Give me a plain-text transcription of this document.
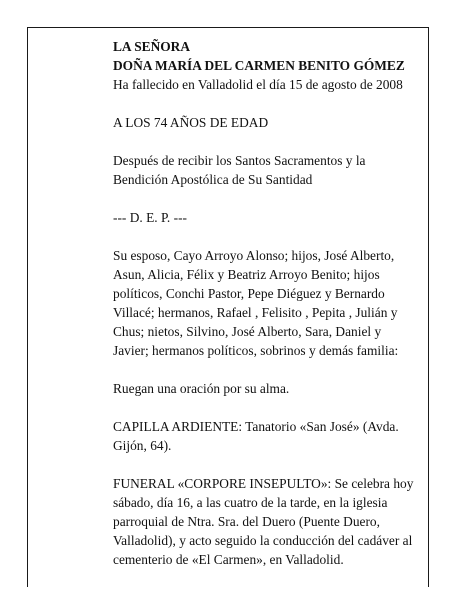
LA SEÑORA
DOÑA MARÍA DEL CARMEN BENITO GÓMEZ
Ha fallecido en Valladolid el día 15 de agosto de 2008
A LOS 74 AÑOS DE EDAD
Después de recibir los Santos Sacramentos y la
Bendición Apostólica de Su Santidad
--- D. E. P. ---
Su esposo, Cayo Arroyo Alonso; hijos, José Alberto,
Asun, Alicia, Félix y Beatriz Arroyo Benito; hijos
políticos, Conchi Pastor, Pepe Diéguez y Bernardo
Villacé; hermanos, Rafael , Felisito , Pepita , Julián y
Chus; nietos, Silvino, José Alberto, Sara, Daniel y
Javier; hermanos políticos, sobrinos y demás familia:
Ruegan una oración por su alma.
CAPILLA ARDIENTE: Tanatorio «San José» (Avda.
Gijón, 64).
FUNERAL «CORPORE INSEPULTO»: Se celebra hoy
sábado, día 16, a las cuatro de la tarde, en la iglesia
parroquial de Ntra. Sra. del Duero (Puente Duero,
Valladolid), y acto seguido la conducción del cadáver al
cementerio de «El Carmen», en Valladolid.
